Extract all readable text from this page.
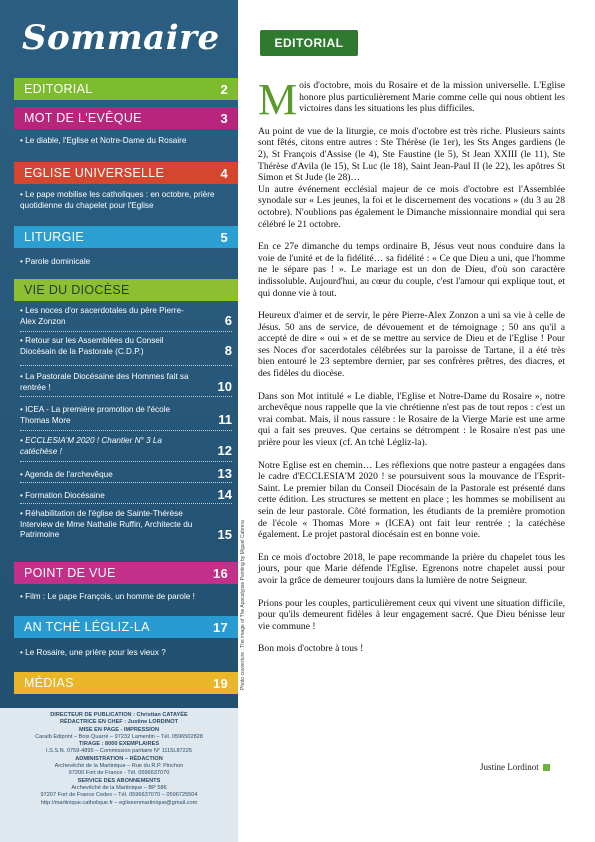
Sommaire
EDITORIAL	2
MOT DE L'EVÊQUE	3
• Le diable, l'Eglise et Notre-Dame du Rosaire
EGLISE UNIVERSELLE	4
• Le pape mobilise les catholiques : en octobre, prière quotidienne du chapelet pour l'Eglise
LITURGIE	5
• Parole dominicale
VIE DU DIOCÈSE
• Les noces d'or sacerdotales du père Pierre-Alex Zonzon	6
• Retour sur les Assemblées du Conseil Diocésain de la Pastorale (C.D.P.)	8
• La Pastorale Diocésaine des Hommes fait sa rentrée !	10
• ICEA - La première promotion de l'école Thomas More	11
• ECCLESIA'M 2020 ! Chantier N° 3 La catéchèse !	12
• Agenda de l'archevêque	13
• Formation Diocésaine	14
• Réhabilitation de l'église de Sainte-Thérèse Interview de Mme Nathalie Ruffin, Architecte du Patrimoine	15
POINT DE VUE	16
• Film : Le pape François, un homme de parole !
AN TCHÈ LÉGLIZ-LA	17
• Le Rosaire, une prière pour les vieux ?
MÉDIAS	19
DIRECTEUR DE PUBLICATION : Christian CATAYÉE
RÉDACTRICE EN CHEF : Justine LORDINOT
MISE EN PAGE - IMPRESSION
Caraïb Ediprint – Bois Quarré – 97232 Lamentin – Tél. 0596502828
TIRAGE : 8000 EXEMPLAIRES
I.S.S.N. 0759-4895 – Commission paritaire N° 1115L87225
ADMINISTRATION – RÉDACTION
Archevêché de la Martinique – Rue du R.P. Pinchon
97200 Fort de France - Tél. 0596637070
SERVICE DES ABONNEMENTS
Archevêché de la Martinique – BP 586
97207 Fort de France Cedex – Tél. 0596637070 – 0596725504
http://martinique.catholique.fr – egliseenmartinique@gmail.com
Photo couverture : The image of The Apocalypse Painting by Miguel Cabrera
EDITORIAL

Mois d'octobre, mois du Rosaire et de la mission universelle. L'Eglise honore plus particulièrement Marie comme celle qui nous obtient les victoires dans les situations les plus difficiles.

Au point de vue de la liturgie, ce mois d'octobre est très riche. Plusieurs saints sont fêtés, citons entre autres : Ste Thérèse (le 1er), les Sts Anges gardiens (le 2), St François d'Assise (le 4), Ste Faustine (le 5), St Jean XXIII (le 11), Ste Thérèse d'Avila (le 15), St Luc (le 18), Saint Jean-Paul II (le 22), les apôtres St Simon et St Jude (le 28)…

Un autre événement ecclésial majeur de ce mois d'octobre est l'Assemblée synodale sur « Les jeunes, la foi et le discernement des vocations » (du 3 au 28 octobre). N'oublions pas également le Dimanche missionnaire mondial qui sera célébré le 21 octobre.

En ce 27e dimanche du temps ordinaire B, Jésus veut nous conduire dans la voie de l'unité et de la fidélité… sa fidélité : « Ce que Dieu a uni, que l'homme ne le sépare pas ! ». Le mariage est un don de Dieu, d'où son caractère indissoluble. Aujourd'hui, au cœur du couple, c'est l'amour qui explique tout, et qui donne vie à tout.

Heureux d'aimer et de servir, le père Pierre-Alex Zonzon a uni sa vie à celle de Jésus. 50 ans de service, de dévouement et de témoignage ; 50 ans qu'il a accepté de dire « oui » et de se mettre au service de Dieu et de l'Eglise ! Pour ses Noces d'or sacerdotales célébrées sur la paroisse de Tartane, il a été très bien entouré le 23 septembre dernier, par ses confrères prêtres, des diacres, et des fidèles du diocèse.

Dans son Mot intitulé « Le diable, l'Eglise et Notre-Dame du Rosaire », notre archevêque nous rappelle que la vie chrétienne n'est pas de tout repos : c'est un vrai combat. Mais, il nous rassure : le Rosaire de la Vierge Marie est une arme qui a fait ses preuves. Que certains se détrompent : le Rosaire n'est pas une prière pour les vieux (cf. An tchè Légliz-la).

Notre Eglise est en chemin… Les réflexions que notre pasteur a engagées dans le cadre d'ECCLESIA'M 2020 ! se poursuivent sous la mouvance de l'Esprit-Saint. Le premier bilan du Conseil Diocésain de la Pastorale est présenté dans cette édition. Les structures se mettent en place ; les hommes se mobilisent au sein de leur pastorale. Côté formation, les étudiants de la première promotion de l'école « Thomas More » (ICEA) ont fait leur rentrée ; la catéchèse également. Le projet pastoral diocésain est en bonne voie.

En ce mois d'octobre 2018, le pape recommande la prière du chapelet tous les jours, pour que Marie défende l'Eglise. Egrenons notre chapelet aussi pour avoir la grâce de demeurer toujours dans la lumière de notre Seigneur.

Prions pour les couples, particulièrement ceux qui vivent une situation difficile, pour qu'ils demeurent fidèles à leur engagement sacré. Que Dieu bénisse leur vie commune !

Bon mois d'octobre à tous !

Justine Lordinot
